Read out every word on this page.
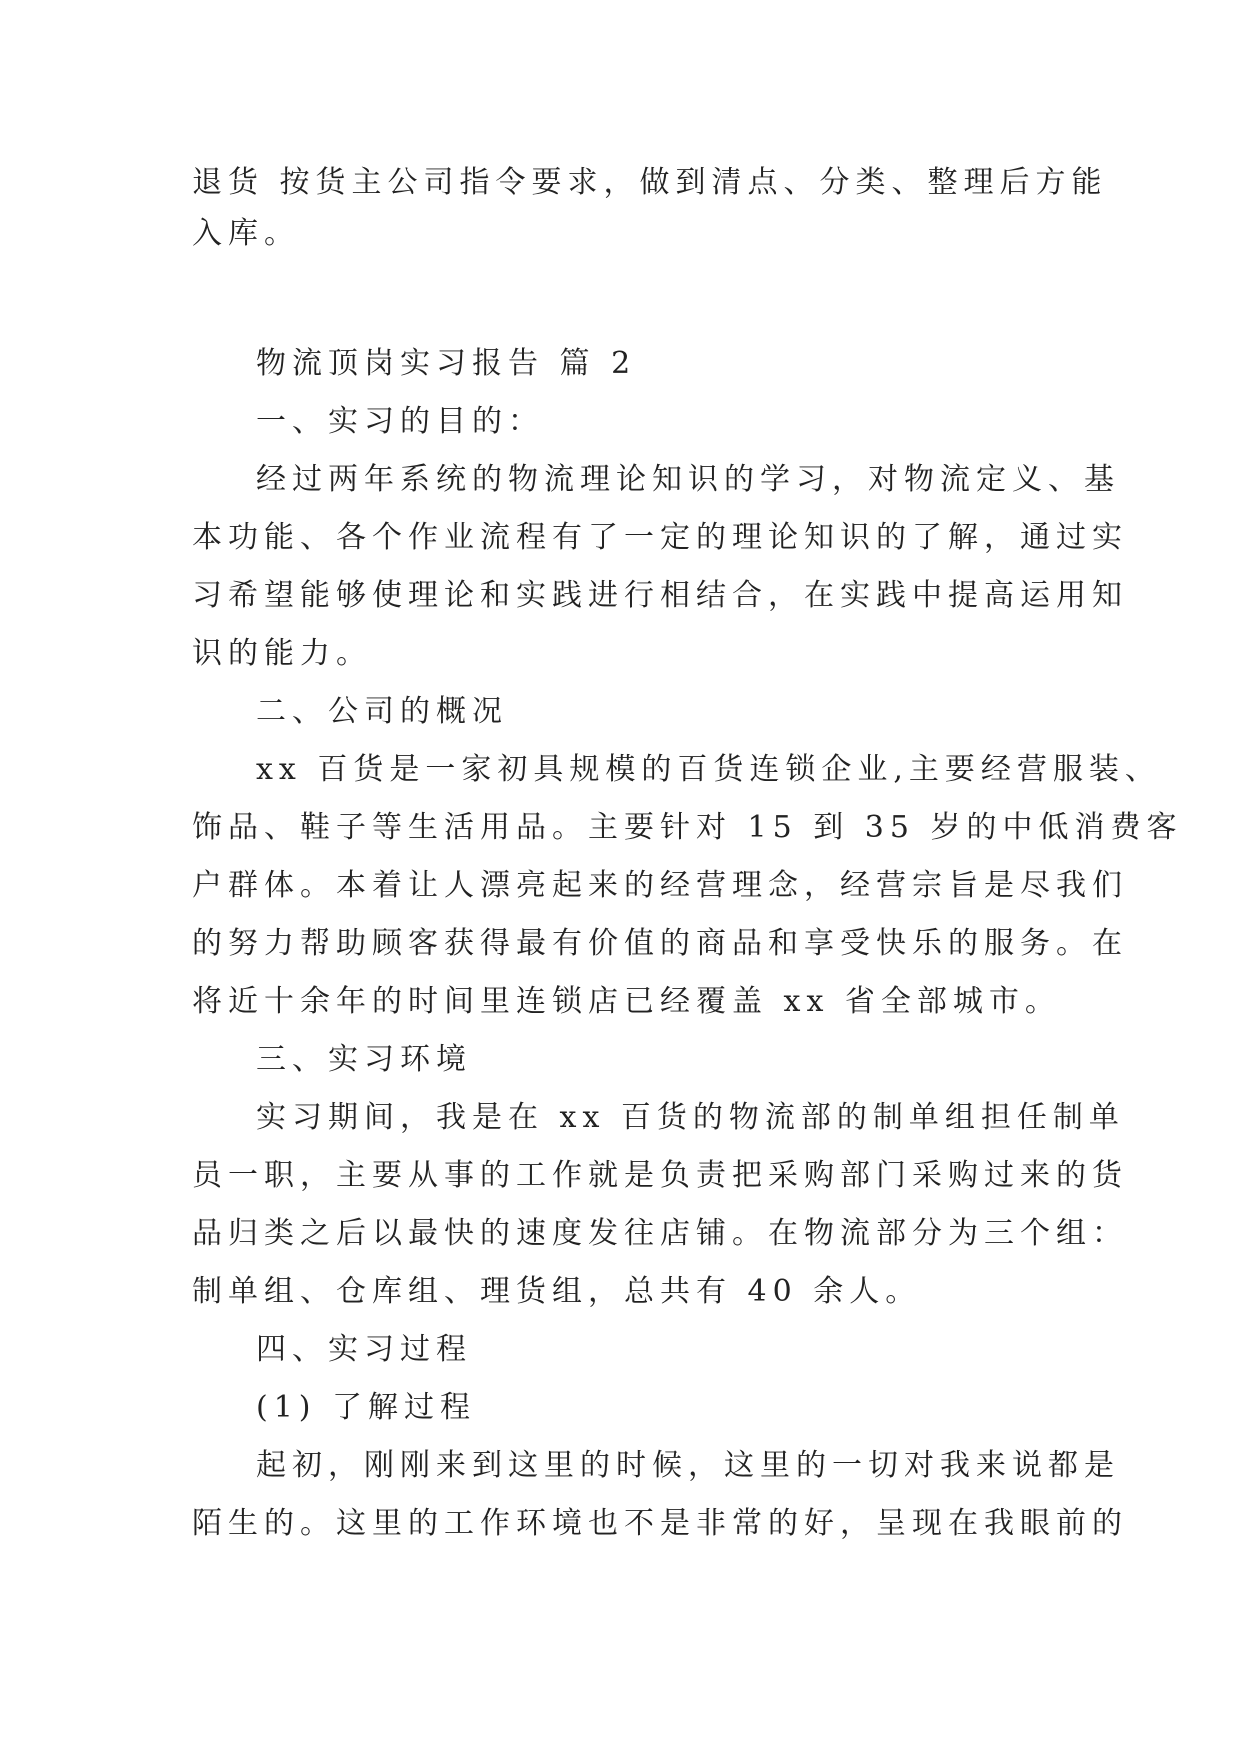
退货 按货主公司指令要求，做到清点、分类、整理后方能
入库。
物流顶岗实习报告 篇 2
一、实习的目的：
经过两年系统的物流理论知识的学习，对物流定义、基
本功能、各个作业流程有了一定的理论知识的了解，通过实
习希望能够使理论和实践进行相结合，在实践中提高运用知
识的能力。
二、公司的概况
xx 百货是一家初具规模的百货连锁企业,主要经营服装、
饰品、鞋子等生活用品。主要针对 15 到 35 岁的中低消费客
户群体。本着让人漂亮起来的经营理念，经营宗旨是尽我们
的努力帮助顾客获得最有价值的商品和享受快乐的服务。在
将近十余年的时间里连锁店已经覆盖 xx 省全部城市。
三、实习环境
实习期间，我是在 xx 百货的物流部的制单组担任制单
员一职，主要从事的工作就是负责把采购部门采购过来的货
品归类之后以最快的速度发往店铺。在物流部分为三个组：
制单组、仓库组、理货组，总共有 40 余人。
四、实习过程
(1) 了解过程
起初，刚刚来到这里的时候，这里的一切对我来说都是
陌生的。这里的工作环境也不是非常的好，呈现在我眼前的
